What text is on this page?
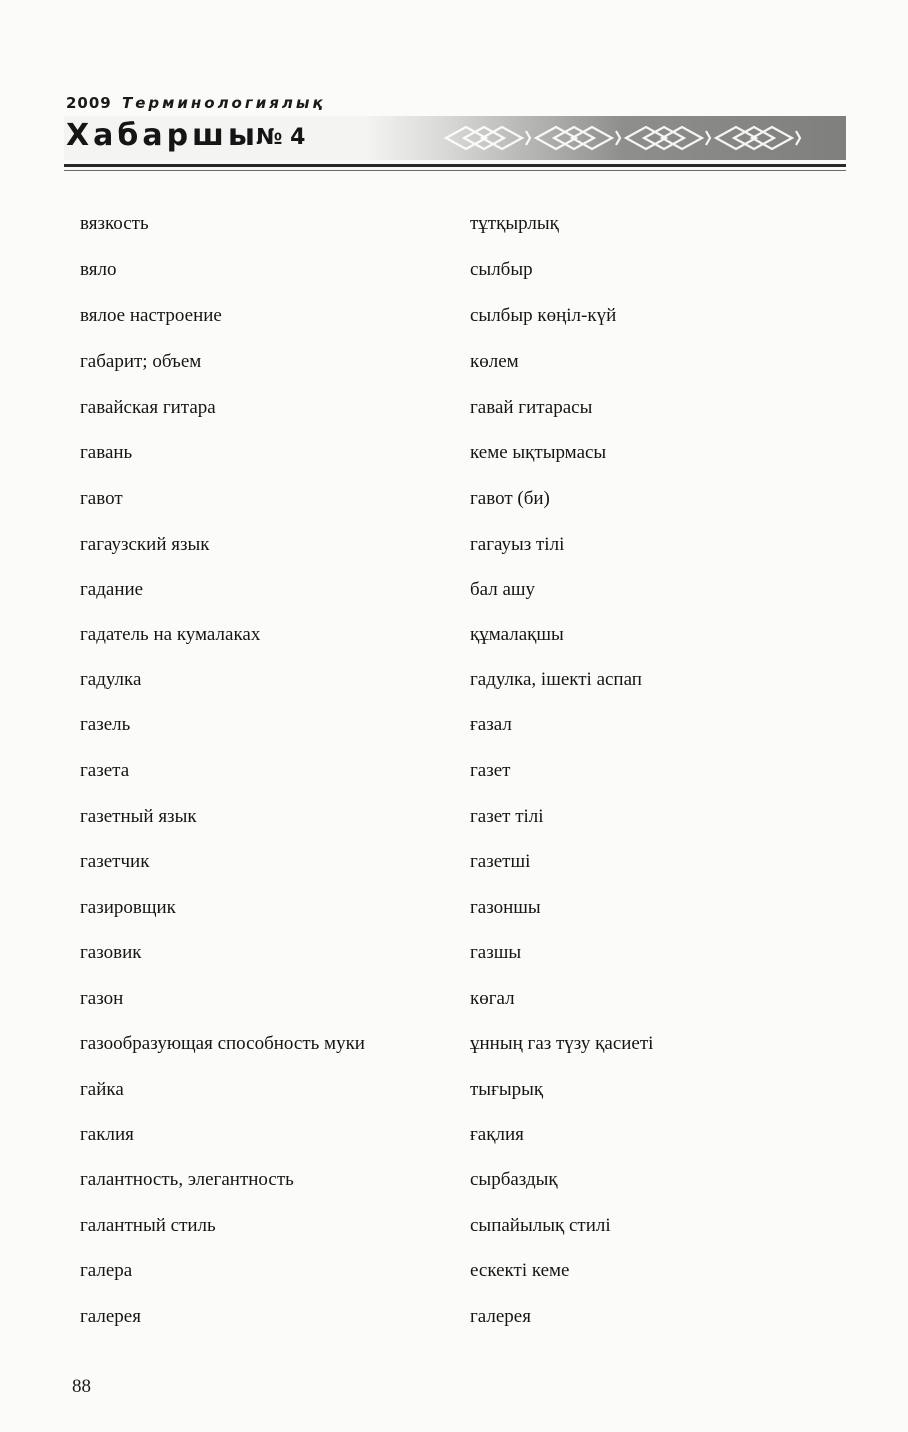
2009 Терминологиялық
Хабаршы
№ 4
вязкость	тұтқырлық
вяло	сылбыр
вялое настроение	сылбыр көңіл-күй
габарит; объем	көлем
гавайская гитара	гавай гитарасы
гавань	кеме ықтырмасы
гавот	гавот (би)
гагаузский язык	гагауыз тілі
гадание	бал ашу
гадатель на кумалаках	құмалақшы
гадулка	гадулка, ішекті аспап
газель	ғазал
газета	газет
газетный язык	газет тілі
газетчик	газетші
газировщик	газоншы
газовик	газшы
газон	көгал
газообразующая способность муки	ұнның газ түзу қасиеті
гайка	тығырық
гаклия	ғақлия
галантность, элегантность	сырбаздық
галантный стиль	сыпайылық стилі
галера	ескекті кеме
галерея	галерея
88
